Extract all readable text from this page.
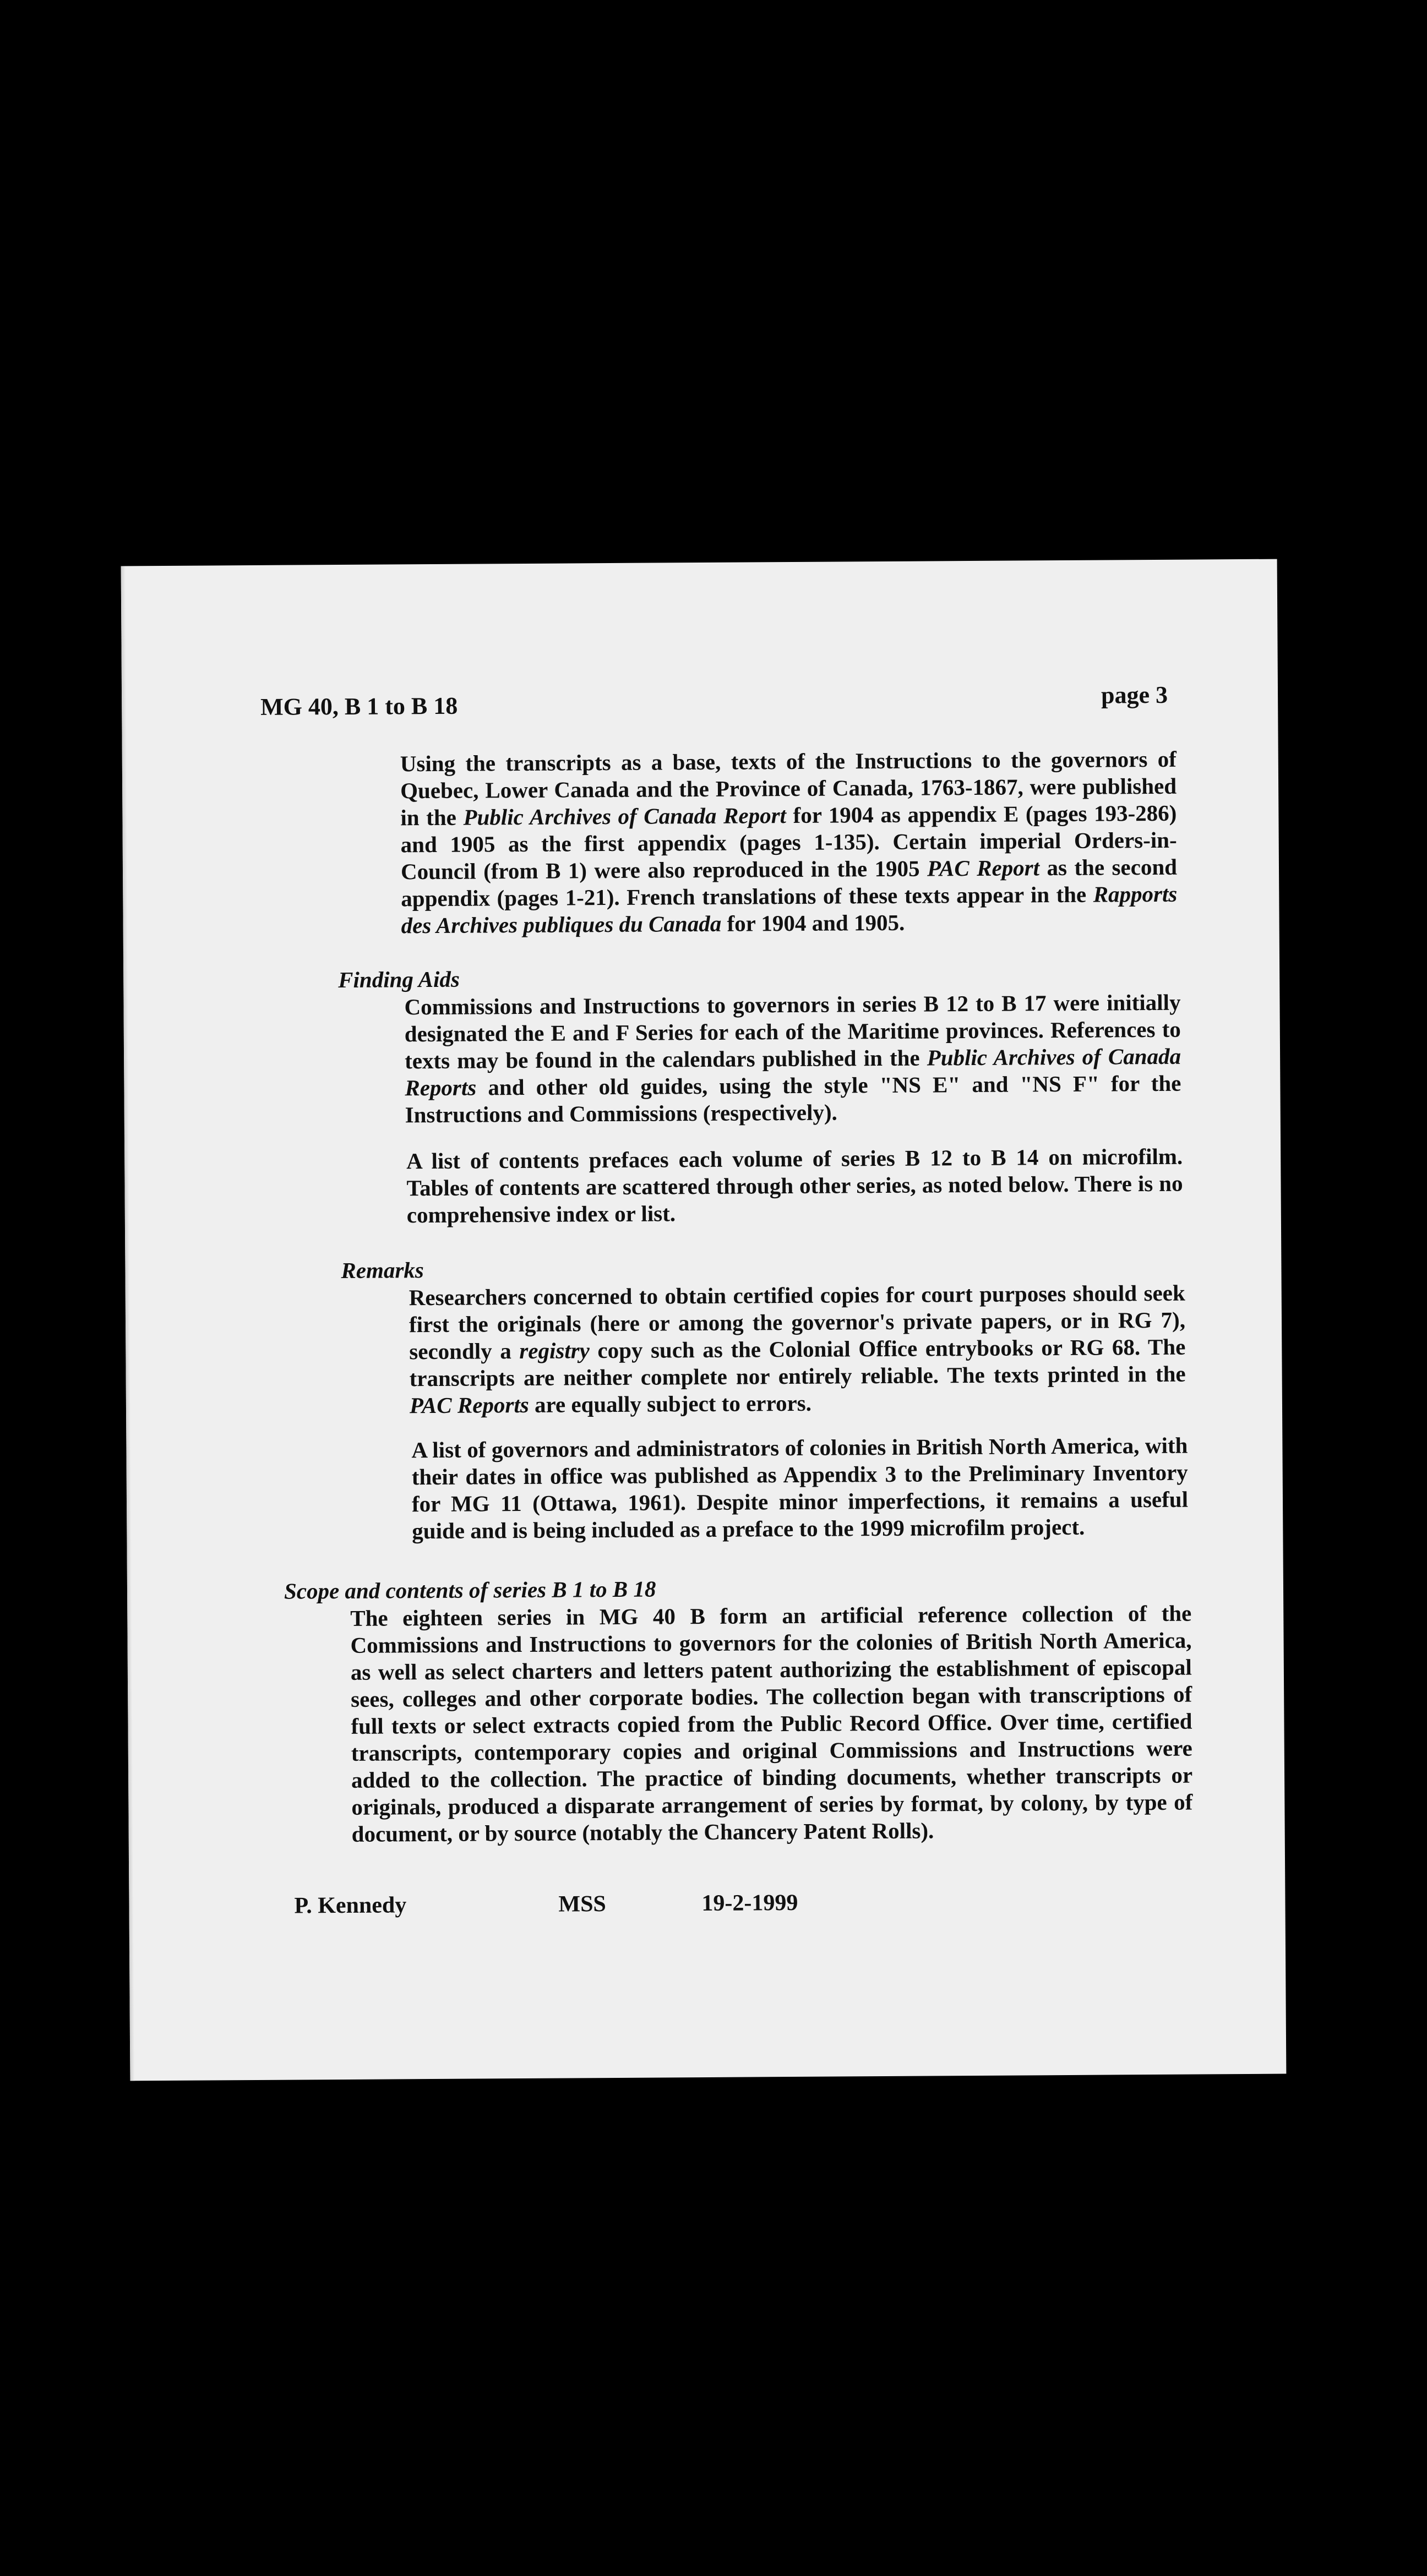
MG 40, B 1 to B 18	page 3

Using the transcripts as a base, texts of the Instructions to the governors of Quebec, Lower Canada and the Province of Canada, 1763-1867, were published in the Public Archives of Canada Report for 1904 as appendix E (pages 193-286) and 1905 as the first appendix (pages 1-135). Certain imperial Orders-in-Council (from B 1) were also reproduced in the 1905 PAC Report as the second appendix (pages 1-21). French translations of these texts appear in the Rapports des Archives publiques du Canada for 1904 and 1905.

Finding Aids

Commissions and Instructions to governors in series B 12 to B 17 were initially designated the E and F Series for each of the Maritime provinces. References to texts may be found in the calendars published in the Public Archives of Canada Reports and other old guides, using the style "NS E" and "NS F" for the Instructions and Commissions (respectively).

A list of contents prefaces each volume of series B 12 to B 14 on microfilm. Tables of contents are scattered through other series, as noted below. There is no comprehensive index or list.

Remarks

Researchers concerned to obtain certified copies for court purposes should seek first the originals (here or among the governor's private papers, or in RG 7), secondly a registry copy such as the Colonial Office entrybooks or RG 68. The transcripts are neither complete nor entirely reliable. The texts printed in the PAC Reports are equally subject to errors.

A list of governors and administrators of colonies in British North America, with their dates in office was published as Appendix 3 to the Preliminary Inventory for MG 11 (Ottawa, 1961). Despite minor imperfections, it remains a useful guide and is being included as a preface to the 1999 microfilm project.

Scope and contents of series B 1 to B 18

The eighteen series in MG 40 B form an artificial reference collection of the Commissions and Instructions to governors for the colonies of British North America, as well as select charters and letters patent authorizing the establishment of episcopal sees, colleges and other corporate bodies. The collection began with transcriptions of full texts or select extracts copied from the Public Record Office. Over time, certified transcripts, contemporary copies and original Commissions and Instructions were added to the collection. The practice of binding documents, whether transcripts or originals, produced a disparate arrangement of series by format, by colony, by type of document, or by source (notably the Chancery Patent Rolls).

P. Kennedy	MSS	19-2-1999
